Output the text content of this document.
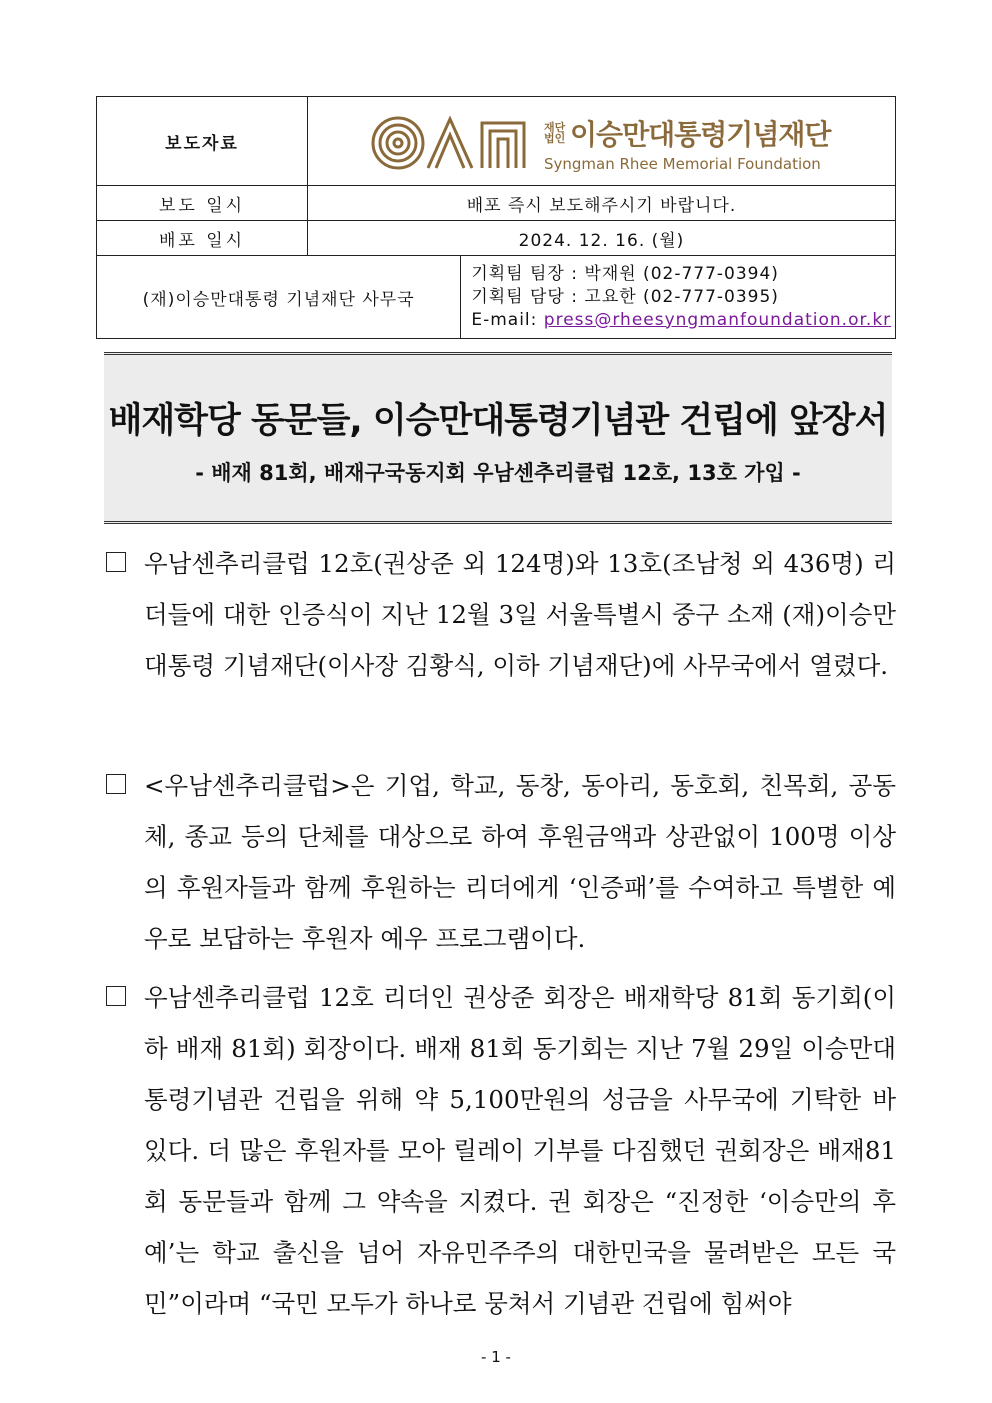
보도자료	재단 법인 이승만대통령기념재단
Syngman Rhee Memorial Foundation	

보도 일시	배포 즉시 보도해주시기 바랍니다.	
배포 일시	2024. 12. 16. (월)	
(재)이승만대통령 기념재단 사무국		기획팀 팀장 : 박재원 (02-777-0394)
기획팀 담당 : 고요한 (02-777-0395)
E-mail: press@rheesyngmanfoundation.or.kr
배재학당 동문들, 이승만대통령기념관 건립에 앞장서
- 배재 81회, 배재구국동지회 우남센추리클럽 12호, 13호 가입 -
우남센추리클럽 12호(권상준 외 124명)와 13호(조남청 외 436명) 리더들에 대한 인증식이 지난 12월 3일 서울특별시 중구 소재 (재)이승만대통령 기념재단(이사장 김황식, 이하 기념재단)에 사무국에서 열렸다.
<우남센추리클럽>은 기업, 학교, 동창, 동아리, 동호회, 친목회, 공동체, 종교 등의 단체를 대상으로 하여 후원금액과 상관없이 100명 이상의 후원자들과 함께 후원하는 리더에게 ‘인증패’를 수여하고 특별한 예우로 보답하는 후원자 예우 프로그램이다.
우남센추리클럽 12호 리더인 권상준 회장은 배재학당 81회 동기회(이하 배재 81회) 회장이다. 배재 81회 동기회는 지난 7월 29일 이승만대통령기념관 건립을 위해 약 5,100만원의 성금을 사무국에 기탁한 바 있다. 더 많은 후원자를 모아 릴레이 기부를 다짐했던 권회장은 배재81회 동문들과 함께 그 약속을 지켰다. 권 회장은 “진정한 ‘이승만의 후예’는 학교 출신을 넘어 자유민주주의 대한민국을 물려받은 모든 국민”이라며 “국민 모두가 하나로 뭉쳐서 기념관 건립에 힘써야
- 1 -
